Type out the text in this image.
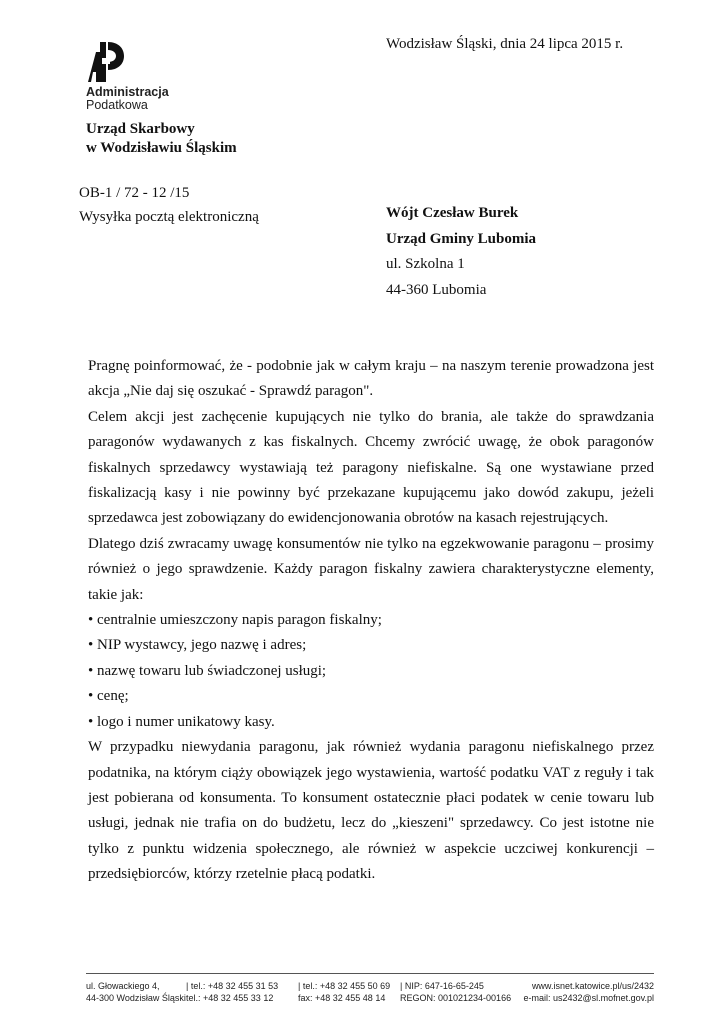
Administracja
Podatkowa
Wodzisław Śląski, dnia 24 lipca 2015 r.
Urząd Skarbowy
w Wodzisławiu Śląskim
OB-1 / 72 - 12 /15
Wysyłka pocztą elektroniczną	Wójt Czesław Burek
Urząd Gminy Lubomia
ul. Szkolna 1
44-360 Lubomia

Pragnę poinformować, że - podobnie jak w całym kraju – na naszym terenie prowadzona jest akcja „Nie daj się oszukać - Sprawdź paragon".

Celem akcji jest zachęcenie kupujących nie tylko do brania, ale także do sprawdzania paragonów wydawanych z kas fiskalnych. Chcemy zwrócić uwagę, że obok paragonów fiskalnych sprzedawcy wystawiają też paragony niefiskalne. Są one wystawiane przed fiskalizacją kasy i nie powinny być przekazane kupującemu jako dowód zakupu, jeżeli sprzedawca jest zobowiązany do ewidencjonowania obrotów na kasach rejestrujących.

Dlatego dziś zwracamy uwagę konsumentów nie tylko na egzekwowanie paragonu – prosimy również o jego sprawdzenie. Każdy paragon fiskalny zawiera charakterystyczne elementy, takie jak:

• centralnie umieszczony napis paragon fiskalny;

• NIP wystawcy, jego nazwę i adres;

• nazwę towaru lub świadczonej usługi;

• cenę;

• logo i numer unikatowy kasy.

W przypadku niewydania paragonu, jak również wydania paragonu niefiskalnego przez podatnika, na którym ciąży obowiązek jego wystawienia, wartość podatku VAT z reguły i tak jest pobierana od konsumenta. To konsument ostatecznie płaci podatek w cenie towaru lub usługi, jednak nie trafia on do budżetu, lecz do „kieszeni" sprzedawcy. Co jest istotne nie tylko z punktu widzenia społecznego, ale również w aspekcie uczciwej konkurencji – przedsiębiorców, którzy rzetelnie płacą podatki.

ul. Głowackiego 4,
44-300 Wodzisław Śląski
| tel.: +48 32 455 31 53
tel.: +48 32 455 33 12
| tel.: +48 32 455 50 69
fax: +48 32 455 48 14
| NIP: 647-16-65-245
REGON: 001021234-00166
www.isnet.katowice.pl/us/2432
e-mail: us2432@sl.mofnet.gov.pl
